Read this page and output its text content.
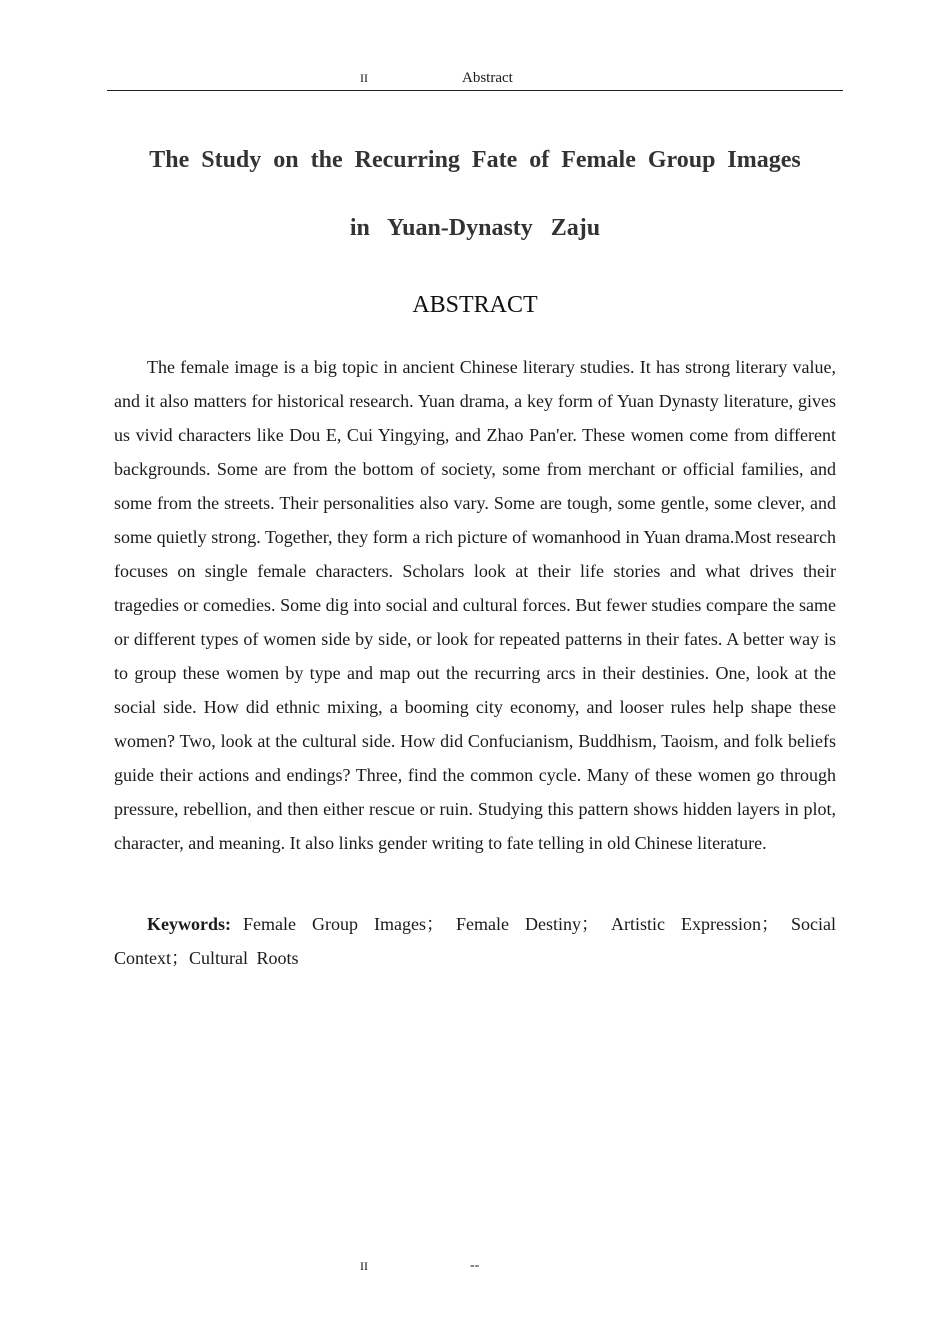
II	Abstract
The Study on the Recurring Fate of Female Group Images
in Yuan-Dynasty Zaju
ABSTRACT

The female image is a big topic in ancient Chinese literary studies. It has strong literary value, and it also matters for historical research. Yuan drama, a key form of Yuan Dynasty literature, gives us vivid characters like Dou E, Cui Yingying, and Zhao Pan'er. These women come from different backgrounds. Some are from the bottom of society, some from merchant or official families, and some from the streets. Their personalities also vary. Some are tough, some gentle, some clever, and some quietly strong. Together, they form a rich picture of womanhood in Yuan drama.Most research focuses on single female characters. Scholars look at their life stories and what drives their tragedies or comedies. Some dig into social and cultural forces. But fewer studies compare the same or different types of women side by side, or look for repeated patterns in their fates. A better way is to group these women by type and map out the recurring arcs in their destinies. One, look at the social side. How did ethnic mixing, a booming city economy, and looser rules help shape these women? Two, look at the cultural side. How did Confucianism, Buddhism, Taoism, and folk beliefs guide their actions and endings? Three, find the common cycle. Many of these women go through pressure, rebellion, and then either rescue or ruin. Studying this pattern shows hidden layers in plot, character, and meaning. It also links gender writing to fate telling in old Chinese literature.

Keywords: Female Group Images； Female Destiny； Artistic Expression； Social Context；Cultural Roots

II	--
